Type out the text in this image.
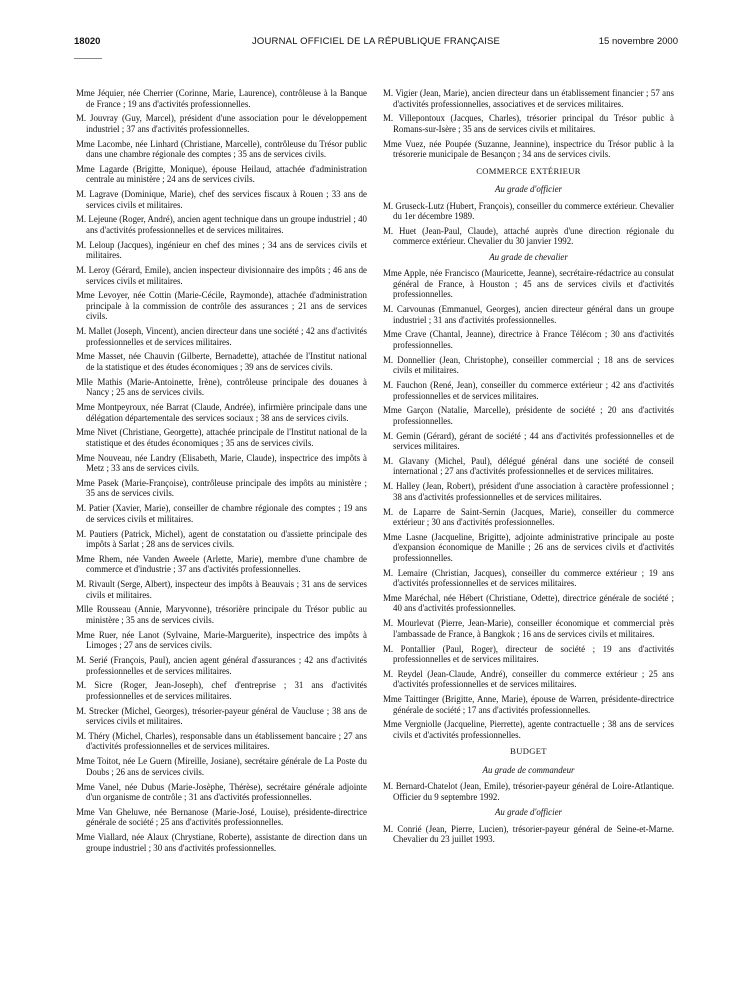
18020	JOURNAL OFFICIEL DE LA RÉPUBLIQUE FRANÇAISE	15 novembre 2000

Mme Jéquier, née Cherrier (Corinne, Marie, Laurence), contrôleuse à la Banque de France ; 19 ans d'activités professionnelles.

M. Jouvray (Guy, Marcel), président d'une association pour le développement industriel ; 37 ans d'activités professionnelles.

Mme Lacombe, née Linhard (Christiane, Marcelle), contrôleuse du Trésor public dans une chambre régionale des comptes ; 35 ans de services civils.

Mme Lagarde (Brigitte, Monique), épouse Heilaud, attachée d'administration centrale au ministère ; 24 ans de services civils.

M. Lagrave (Dominique, Marie), chef des services fiscaux à Rouen ; 33 ans de services civils et militaires.

M. Lejeune (Roger, André), ancien agent technique dans un groupe industriel ; 40 ans d'activités professionnelles et de services militaires.

M. Leloup (Jacques), ingénieur en chef des mines ; 34 ans de services civils et militaires.

M. Leroy (Gérard, Emile), ancien inspecteur divisionnaire des impôts ; 46 ans de services civils et militaires.

Mme Levoyer, née Cottin (Marie-Cécile, Raymonde), attachée d'administration principale à la commission de contrôle des assurances ; 21 ans de services civils.

M. Mallet (Joseph, Vincent), ancien directeur dans une société ; 42 ans d'activités professionnelles et de services militaires.

Mme Masset, née Chauvin (Gilberte, Bernadette), attachée de l'Institut national de la statistique et des études économiques ; 39 ans de services civils.

Mlle Mathis (Marie-Antoinette, Irène), contrôleuse principale des douanes à Nancy ; 25 ans de services civils.

Mme Montpeyroux, née Barrat (Claude, Andrée), infirmière principale dans une délégation départementale des services sociaux ; 38 ans de services civils.

Mme Nivet (Christiane, Georgette), attachée principale de l'Institut national de la statistique et des études économiques ; 35 ans de services civils.

Mme Nouveau, née Landry (Elisabeth, Marie, Claude), inspectrice des impôts à Metz ; 33 ans de services civils.

Mme Pasek (Marie-Françoise), contrôleuse principale des impôts au ministère ; 35 ans de services civils.

M. Patier (Xavier, Marie), conseiller de chambre régionale des comptes ; 19 ans de services civils et militaires.

M. Pautiers (Patrick, Michel), agent de constatation ou d'assiette principale des impôts à Sarlat ; 28 ans de services civils.

Mme Rhem, née Vanden Aweele (Arlette, Marie), membre d'une chambre de commerce et d'industrie ; 37 ans d'activités professionnelles.

M. Rivault (Serge, Albert), inspecteur des impôts à Beauvais ; 31 ans de services civils et militaires.

Mlle Rousseau (Annie, Maryvonne), trésorière principale du Trésor public au ministère ; 35 ans de services civils.

Mme Ruer, née Lanot (Sylvaine, Marie-Marguerite), inspectrice des impôts à Limoges ; 27 ans de services civils.

M. Serié (François, Paul), ancien agent général d'assurances ; 42 ans d'activités professionnelles et de services militaires.

M. Sicre (Roger, Jean-Joseph), chef d'entreprise ; 31 ans d'activités professionnelles et de services militaires.

M. Strecker (Michel, Georges), trésorier-payeur général de Vaucluse ; 38 ans de services civils et militaires.

M. Théry (Michel, Charles), responsable dans un établissement bancaire ; 27 ans d'activités professionnelles et de services militaires.

Mme Toitot, née Le Guern (Mireille, Josiane), secrétaire générale de La Poste du Doubs ; 26 ans de services civils.

Mme Vanel, née Dubus (Marie-Josèphe, Thérèse), secrétaire générale adjointe d'un organisme de contrôle ; 31 ans d'activités professionnelles.

Mme Van Gheluwe, née Bernanose (Marie-José, Louise), présidente-directrice générale de société ; 25 ans d'activités professionnelles.

Mme Viallard, née Alaux (Chrystiane, Roberte), assistante de direction dans un groupe industriel ; 30 ans d'activités professionnelles.

M. Vigier (Jean, Marie), ancien directeur dans un établissement financier ; 57 ans d'activités professionnelles, associatives et de services militaires.

M. Villepontoux (Jacques, Charles), trésorier principal du Trésor public à Romans-sur-Isère ; 35 ans de services civils et militaires.

Mme Vuez, née Poupée (Suzanne, Jeannine), inspectrice du Trésor public à la trésorerie municipale de Besançon ; 34 ans de services civils.

COMMERCE EXTÉRIEUR
Au grade d'officier

M. Gruseck-Lutz (Hubert, François), conseiller du commerce extérieur. Chevalier du 1er décembre 1989.

M. Huet (Jean-Paul, Claude), attaché auprès d'une direction régionale du commerce extérieur. Chevalier du 30 janvier 1992.

Au grade de chevalier

Mme Apple, née Francisco (Mauricette, Jeanne), secrétaire-rédactrice au consulat général de France, à Houston ; 45 ans de services civils et d'activités professionnelles.

M. Carvounas (Emmanuel, Georges), ancien directeur général dans un groupe industriel ; 31 ans d'activités professionnelles.

Mme Crave (Chantal, Jeanne), directrice à France Télécom ; 30 ans d'activités professionnelles.

M. Donnellier (Jean, Christophe), conseiller commercial ; 18 ans de services civils et militaires.

M. Fauchon (René, Jean), conseiller du commerce extérieur ; 42 ans d'activités professionnelles et de services militaires.

Mme Garçon (Natalie, Marcelle), présidente de société ; 20 ans d'activités professionnelles.

M. Gemin (Gérard), gérant de société ; 44 ans d'activités professionnelles et de services militaires.

M. Glavany (Michel, Paul), délégué général dans une société de conseil international ; 27 ans d'activités professionnelles et de services militaires.

M. Halley (Jean, Robert), président d'une association à caractère professionnel ; 38 ans d'activités professionnelles et de services militaires.

M. de Laparre de Saint-Sernin (Jacques, Marie), conseiller du commerce extérieur ; 30 ans d'activités professionnelles.

Mme Lasne (Jacqueline, Brigitte), adjointe administrative principale au poste d'expansion économique de Manille ; 26 ans de services civils et d'activités professionnelles.

M. Lemaire (Christian, Jacques), conseiller du commerce extérieur ; 19 ans d'activités professionnelles et de services militaires.

Mme Maréchal, née Hébert (Christiane, Odette), directrice générale de société ; 40 ans d'activités professionnelles.

M. Mourlevat (Pierre, Jean-Marie), conseiller économique et commercial près l'ambassade de France, à Bangkok ; 16 ans de services civils et militaires.

M. Pontallier (Paul, Roger), directeur de société ; 19 ans d'activités professionnelles et de services militaires.

M. Reydel (Jean-Claude, André), conseiller du commerce extérieur ; 25 ans d'activités professionnelles et de services militaires.

Mme Taittinger (Brigitte, Anne, Marie), épouse de Warren, présidente-directrice générale de société ; 17 ans d'activités professionnelles.

Mme Vergniolle (Jacqueline, Pierrette), agente contractuelle ; 38 ans de services civils et d'activités professionnelles.

BUDGET
Au grade de commandeur

M. Bernard-Chatelot (Jean, Emile), trésorier-payeur général de Loire-Atlantique. Officier du 9 septembre 1992.

Au grade d'officier

M. Conrié (Jean, Pierre, Lucien), trésorier-payeur général de Seine-et-Marne. Chevalier du 23 juillet 1993.
